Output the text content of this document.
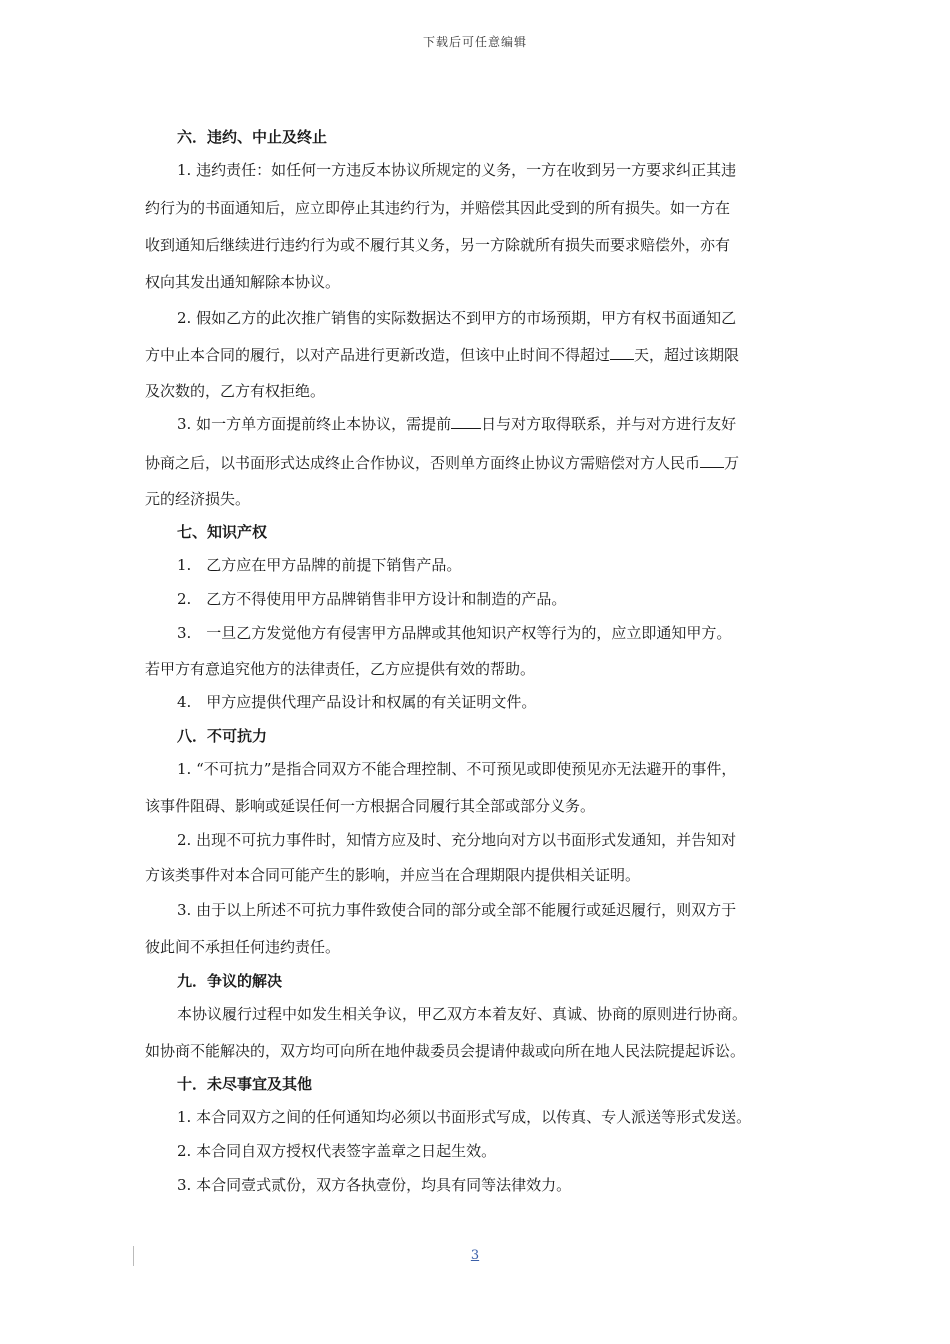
下载后可任意编辑
六．违约、中止及终止
1. 违约责任：如任何一方违反本协议所规定的义务，一方在收到另一方要求纠正其违
约行为的书面通知后，应立即停止其违约行为，并赔偿其因此受到的所有损失。如一方在
收到通知后继续进行违约行为或不履行其义务，另一方除就所有损失而要求赔偿外，亦有
权向其发出通知解除本协议。
2. 假如乙方的此次推广销售的实际数据达不到甲方的市场预期，甲方有权书面通知乙
方中止本合同的履行，以对产品进行更新改造，但该中止时间不得超过 天，超过该期限
及次数的，乙方有权拒绝。
3. 如一方单方面提前终止本协议，需提前 日与对方取得联系，并与对方进行友好
协商之后，以书面形式达成终止合作协议，否则单方面终止协议方需赔偿对方人民币 万
元的经济损失。
七、知识产权
1.　乙方应在甲方品牌的前提下销售产品。
2.　乙方不得使用甲方品牌销售非甲方设计和制造的产品。
3.　一旦乙方发觉他方有侵害甲方品牌或其他知识产权等行为的，应立即通知甲方。
若甲方有意追究他方的法律责任，乙方应提供有效的帮助。
4.　甲方应提供代理产品设计和权属的有关证明文件。
八．不可抗力
1. “不可抗力”是指合同双方不能合理控制、不可预见或即使预见亦无法避开的事件，
该事件阻碍、影响或延误任何一方根据合同履行其全部或部分义务。
2. 出现不可抗力事件时，知情方应及时、充分地向对方以书面形式发通知，并告知对
方该类事件对本合同可能产生的影响，并应当在合理期限内提供相关证明。
3. 由于以上所述不可抗力事件致使合同的部分或全部不能履行或延迟履行，则双方于
彼此间不承担任何违约责任。
九．争议的解决
本协议履行过程中如发生相关争议，甲乙双方本着友好、真诚、协商的原则进行协商。
如协商不能解决的，双方均可向所在地仲裁委员会提请仲裁或向所在地人民法院提起诉讼。
十．未尽事宜及其他
1. 本合同双方之间的任何通知均必须以书面形式写成，以传真、专人派送等形式发送。
2. 本合同自双方授权代表签字盖章之日起生效。
3. 本合同壹式贰份，双方各执壹份，均具有同等法律效力。
3
